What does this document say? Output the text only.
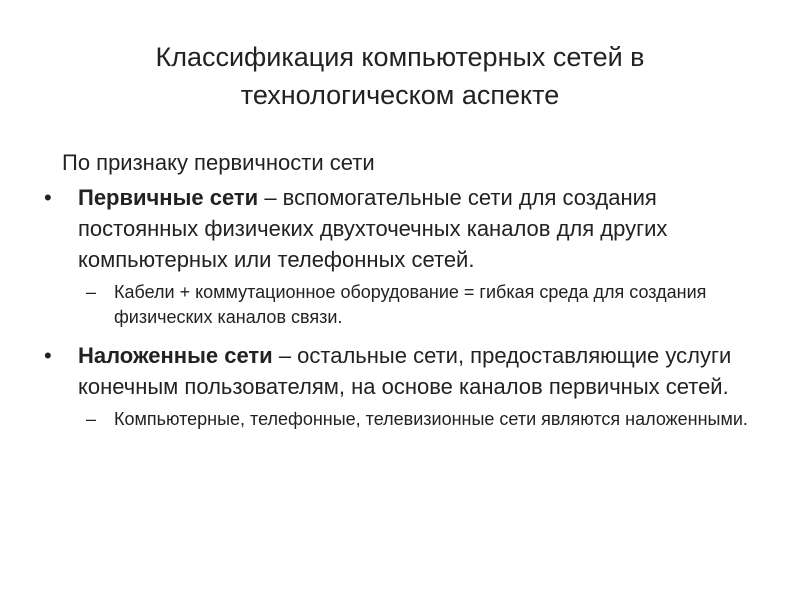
Классификация компьютерных сетей в
технологическом аспекте
По признаку первичности сети
• Первичные сети – вспомогательные сети для создания постоянных физичеких двухточечных каналов для других компьютерных или телефонных сетей.
– Кабели + коммутационное оборудование = гибкая среда для создания физических каналов связи.
• Наложенные сети – остальные сети, предоставляющие услуги конечным пользователям, на основе каналов первичных сетей.
– Компьютерные, телефонные, телевизионные сети являются наложенными.
